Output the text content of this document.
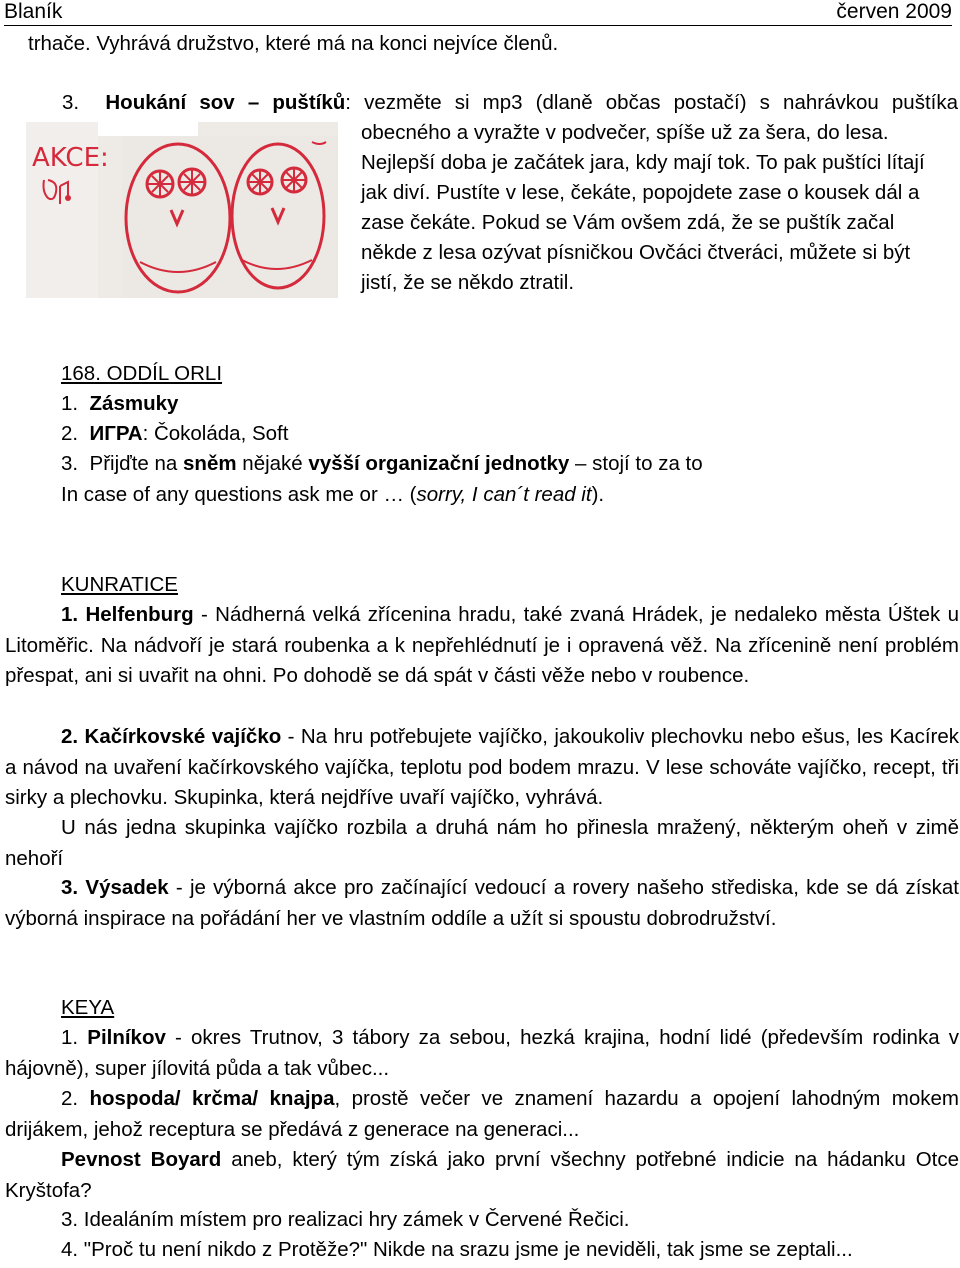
Blaník	červen 2009
trhače. Vyhrává družstvo, které má na konci nejvíce členů.
3. Houkání sov – puštíků: vezměte si mp3 (dlaně občas postačí) s nahrávkou puštíka
AKCE:
obecného a vyražte v podvečer, spíše už za šera, do lesa.
Nejlepší doba je začátek jara, kdy mají tok. To pak puštíci lítají
jak diví. Pustíte v lese, čekáte, popojdete zase o kousek dál a
zase čekáte. Pokud se Vám ovšem zdá, že se puštík začal
někde z lesa ozývat písničkou Ovčáci čtveráci, můžete si být
jistí, že se někdo ztratil.
168. ODDÍL ORLI
1. Zásmuky
2. ИГРА: Čokoláda, Soft
3. Přijďte na sněm nějaké vyšší organizační jednotky – stojí to za to
In case of any questions ask me or … (sorry, I can´t read it).
KUNRATICE
1. Helfenburg - Nádherná velká zřícenina hradu, také zvaná Hrádek, je nedaleko města Úštek u Litoměřic. Na nádvoří je stará roubenka a k nepřehlédnutí je i opravená věž. Na zřícenině není problém přespat, ani si uvařit na ohni. Po dohodě se dá spát v části věže nebo v roubence.
2. Kačírkovské vajíčko - Na hru potřebujete vajíčko, jakoukoliv plechovku nebo ešus, les Kacírek a návod na uvaření kačírkovského vajíčka, teplotu pod bodem mrazu. V lese schováte vajíčko, recept, tři sirky a plechovku. Skupinka, která nejdříve uvaří vajíčko, vyhrává.
U nás jedna skupinka vajíčko rozbila a druhá nám ho přinesla mražený, některým oheň v zimě nehoří
3. Výsadek - je výborná akce pro začínající vedoucí a rovery našeho střediska, kde se dá získat výborná inspirace na pořádání her ve vlastním oddíle a užít si spoustu dobrodružství.
KEYA
1. Pilníkov - okres Trutnov, 3 tábory za sebou, hezká krajina, hodní lidé (především rodinka v hájovně), super jílovitá půda a tak vůbec...
2. hospoda/ krčma/ knajpa, prostě večer ve znamení hazardu a opojení lahodným mokem drijákem, jehož receptura se předává z generace na generaci...
Pevnost Boyard aneb, který tým získá jako první všechny potřebné indicie na hádanku Otce Kryštofa?
3. Idealáním místem pro realizaci hry zámek v Červené Řečici.
4. "Proč tu není nikdo z Protěže?" Nikde na srazu jsme je neviděli, tak jsme se zeptali...
